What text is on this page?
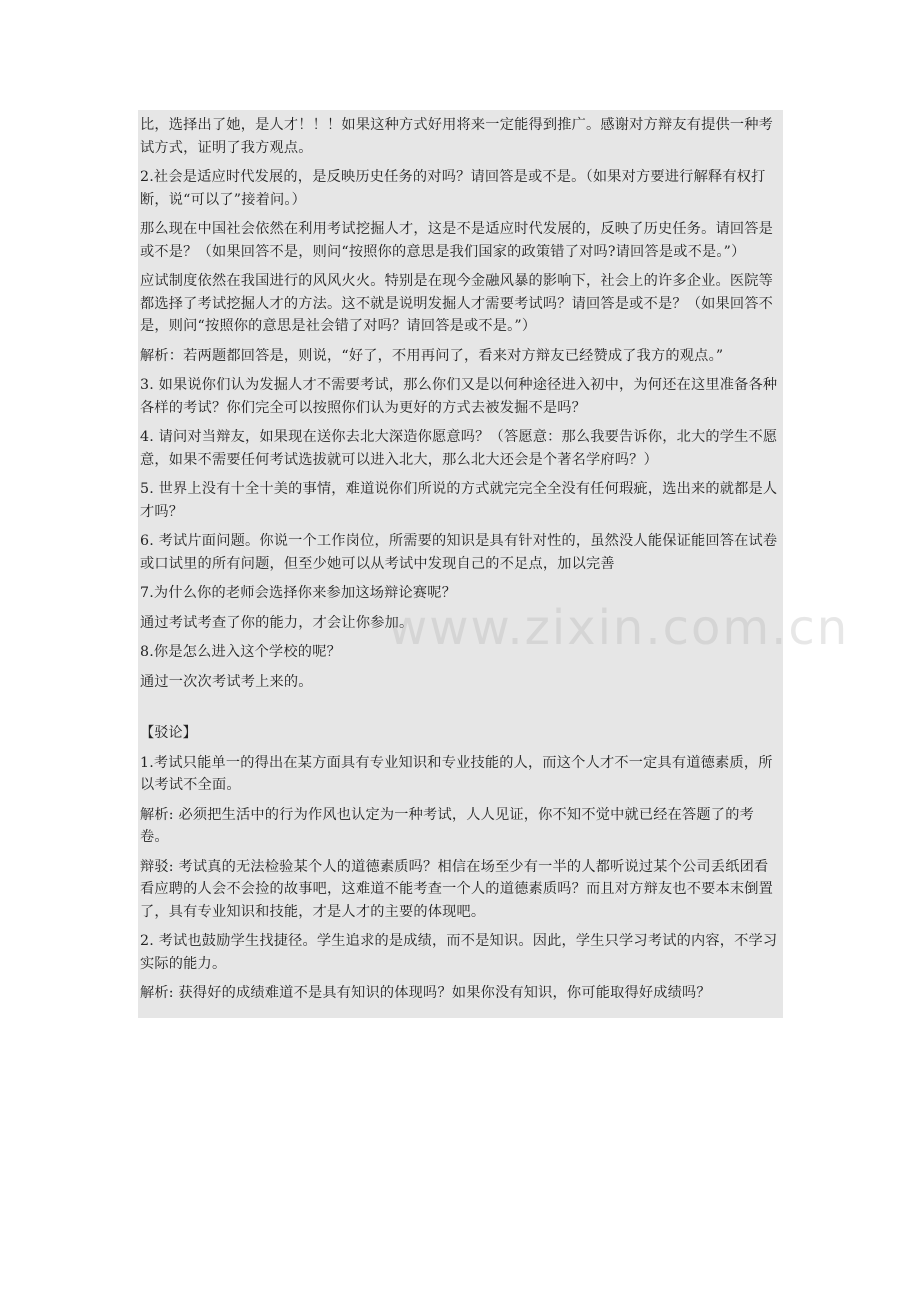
比，选择出了她，是人才！！！如果这种方式好用将来一定能得到推广。感谢对方辩友有提供一种考试方式，证明了我方观点。

2.社会是适应时代发展的，是反映历史任务的对吗？请回答是或不是。（如果对方要进行解释有权打断，说“可以了”接着问。）

那么现在中国社会依然在利用考试挖掘人才，这是不是适应时代发展的，反映了历史任务。请回答是或不是？（如果回答不是，则问“按照你的意思是我们国家的政策错了对吗?请回答是或不是。”）

应试制度依然在我国进行的风风火火。特别是在现今金融风暴的影响下，社会上的许多企业。医院等都选择了考试挖掘人才的方法。这不就是说明发掘人才需要考试吗？请回答是或不是？（如果回答不是，则问“按照你的意思是社会错了对吗？请回答是或不是。”）

解析：若两题都回答是，则说，“好了，不用再问了，看来对方辩友已经赞成了我方的观点。”

3. 如果说你们认为发掘人才不需要考试，那么你们又是以何种途径进入初中，为何还在这里准备各种各样的考试？你们完全可以按照你们认为更好的方式去被发掘不是吗？

4. 请问对当辩友，如果现在送你去北大深造你愿意吗？（答愿意：那么我要告诉你，北大的学生不愿意，如果不需要任何考试选拔就可以进入北大，那么北大还会是个著名学府吗？）

5. 世界上没有十全十美的事情，难道说你们所说的方式就完完全全没有任何瑕疵，选出来的就都是人才吗？

6. 考试片面问题。你说一个工作岗位，所需要的知识是具有针对性的，虽然没人能保证能回答在试卷或口试里的所有问题，但至少她可以从考试中发现自己的不足点，加以完善

7.为什么你的老师会选择你来参加这场辩论赛呢？

通过考试考查了你的能力，才会让你参加。

8.你是怎么进入这个学校的呢？

通过一次次考试考上来的。

【驳论】

1.考试只能单一的得出在某方面具有专业知识和专业技能的人，而这个人才不一定具有道德素质，所以考试不全面。

解析: 必须把生活中的行为作风也认定为一种考试，人人见证，你不知不觉中就已经在答题了的考卷。

辩驳: 考试真的无法检验某个人的道德素质吗？相信在场至少有一半的人都听说过某个公司丢纸团看看应聘的人会不会捡的故事吧，这难道不能考查一个人的道德素质吗？而且对方辩友也不要本末倒置了，具有专业知识和技能，才是人才的主要的体现吧。

2. 考试也鼓励学生找捷径。学生追求的是成绩，而不是知识。因此，学生只学习考试的内容，不学习实际的能力。

解析: 获得好的成绩难道不是具有知识的体现吗？如果你没有知识，你可能取得好成绩吗？

www.zixin.com.cn
